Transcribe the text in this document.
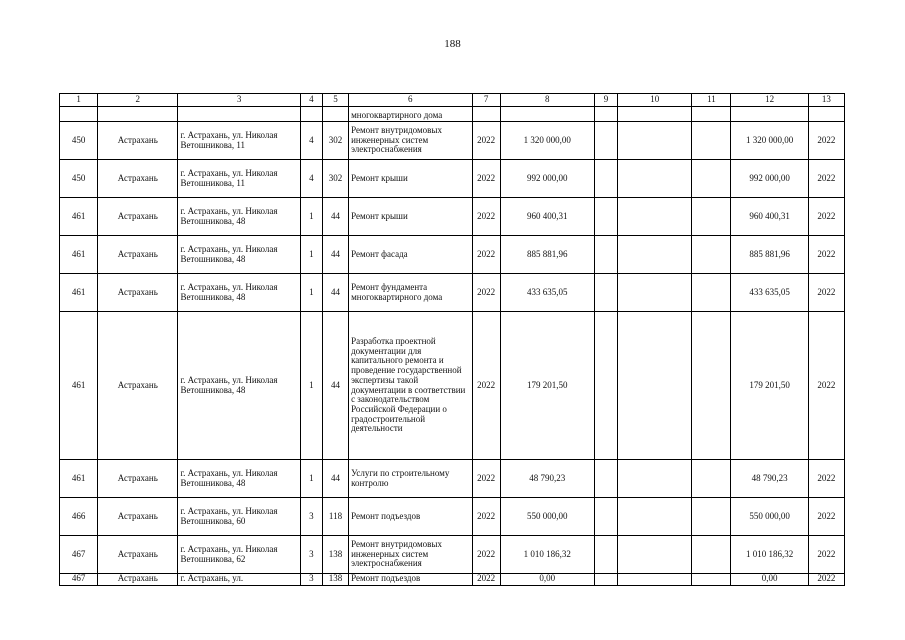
188
1	2	3	4	5	6	7	8	9	10	11	12	13
					многоквартирного дома							
450	Астрахань	г. Астрахань, ул. Николая Ветошникова, 11	4	302	Ремонт внутридомовых инженерных систем электроснабжения	2022	1 320 000,00				1 320 000,00	2022
450	Астрахань	г. Астрахань, ул. Николая Ветошникова, 11	4	302	Ремонт крыши	2022	992 000,00				992 000,00	2022
461	Астрахань	г. Астрахань, ул. Николая Ветошникова, 48	1	44	Ремонт крыши	2022	960 400,31				960 400,31	2022
461	Астрахань	г. Астрахань, ул. Николая Ветошникова, 48	1	44	Ремонт фасада	2022	885 881,96				885 881,96	2022
461	Астрахань	г. Астрахань, ул. Николая Ветошникова, 48	1	44	Ремонт фундамента многоквартирного дома	2022	433 635,05				433 635,05	2022
461	Астрахань	г. Астрахань, ул. Николая Ветошникова, 48	1	44	Разработка проектной документации для капитального ремонта и проведение государственной экспертизы такой документации в соответствии с законодательством Российской Федерации о градостроительной деятельности	2022	179 201,50				179 201,50	2022
461	Астрахань	г. Астрахань, ул. Николая Ветошникова, 48	1	44	Услуги по строительному контролю	2022	48 790,23				48 790,23	2022
466	Астрахань	г. Астрахань, ул. Николая Ветошникова, 60	3	118	Ремонт подъездов	2022	550 000,00				550 000,00	2022
467	Астрахань	г. Астрахань, ул. Николая Ветошникова, 62	3	138	Ремонт внутридомовых инженерных систем электроснабжения	2022	1 010 186,32				1 010 186,32	2022
467	Астрахань	г. Астрахань, ул.	3	138	Ремонт подъездов	2022	0,00				0,00	2022
